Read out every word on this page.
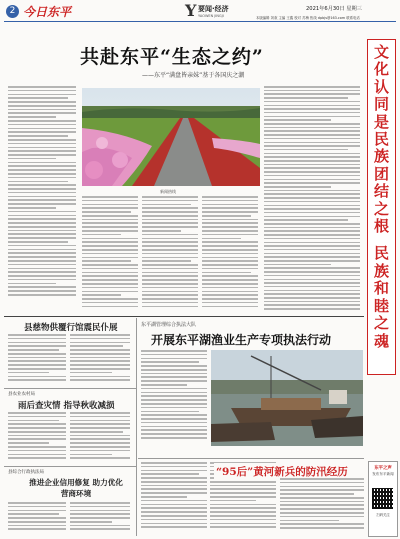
2 今日东平	Y 要闻·经济
YAOWEN JINGJI
2021年6月30日 星期三
本版编辑 刘欢 主编 王鑫 校对 苏梅 热线 dpbjs@163.com 联系电话
共赴东平“生态之约”
——东平“满盘皆亲妹”基于各国庆之潮
新闻热线
文
化
认
同
是
民
族
团
结
之
根
民
族
和
睦
之
魂
县慈物供覆行馆震民仆展
县农业农村局
雨后查灾情 指导秋收减损
县综合行政执法局
推进企业信用修复 助力优化营商环境
东平湖管理综合执法大队
开展东平湖渔业生产专项执法行动
“95后”黄河新兵的防汛经历	东平之声
发布东平新闻
扫码关注
